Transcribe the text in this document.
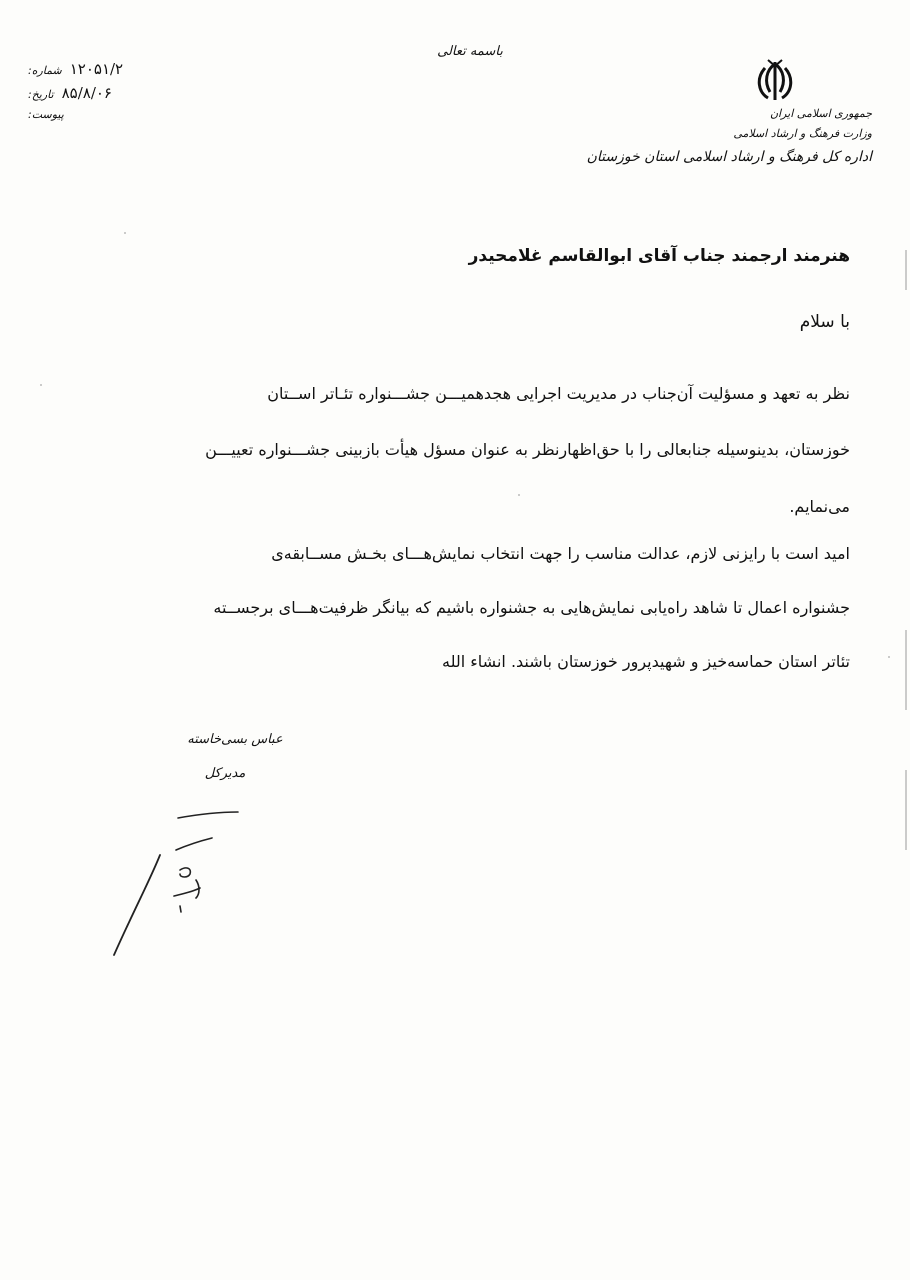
باسمه تعالی
جمهوری اسلامی ایران
وزارت فرهنگ و ارشاد اسلامی
اداره کل فرهنگ و ارشاد اسلامی استان خوزستان
شماره: ۱۲۰۵۱/۲
تاریخ: ۸۵/۸/۰۶
پیوست:
هنرمند ارجمند جناب آقای ابوالقاسم غلامحیدر
با سلام
نظر به تعهد و مسؤلیت آن‌جناب در مدیریت اجرایی هجدهمیـــن جشـــنواره تئـاتر اســتان
خوزستان، بدینوسیله جنابعالی را با حق‌اظهارنظر به عنوان مسؤل هیأت بازبینی جشـــنواره تعییـــن
می‌نمایم.
امید است با رایزنی لازم، عدالت مناسب را جهت انتخاب نمایش‌هـــای بخـش مســابقه‌ی
جشنواره اعمال تا شاهد راه‌یابی نمایش‌هایی به جشنواره باشیم که بیانگر ظرفیت‌هـــای برجســته
تئاتر استان حماسه‌خیز و شهیدپرور خوزستان باشند. انشاء الله
عباس بسی‌خاسته
مدیرکل
